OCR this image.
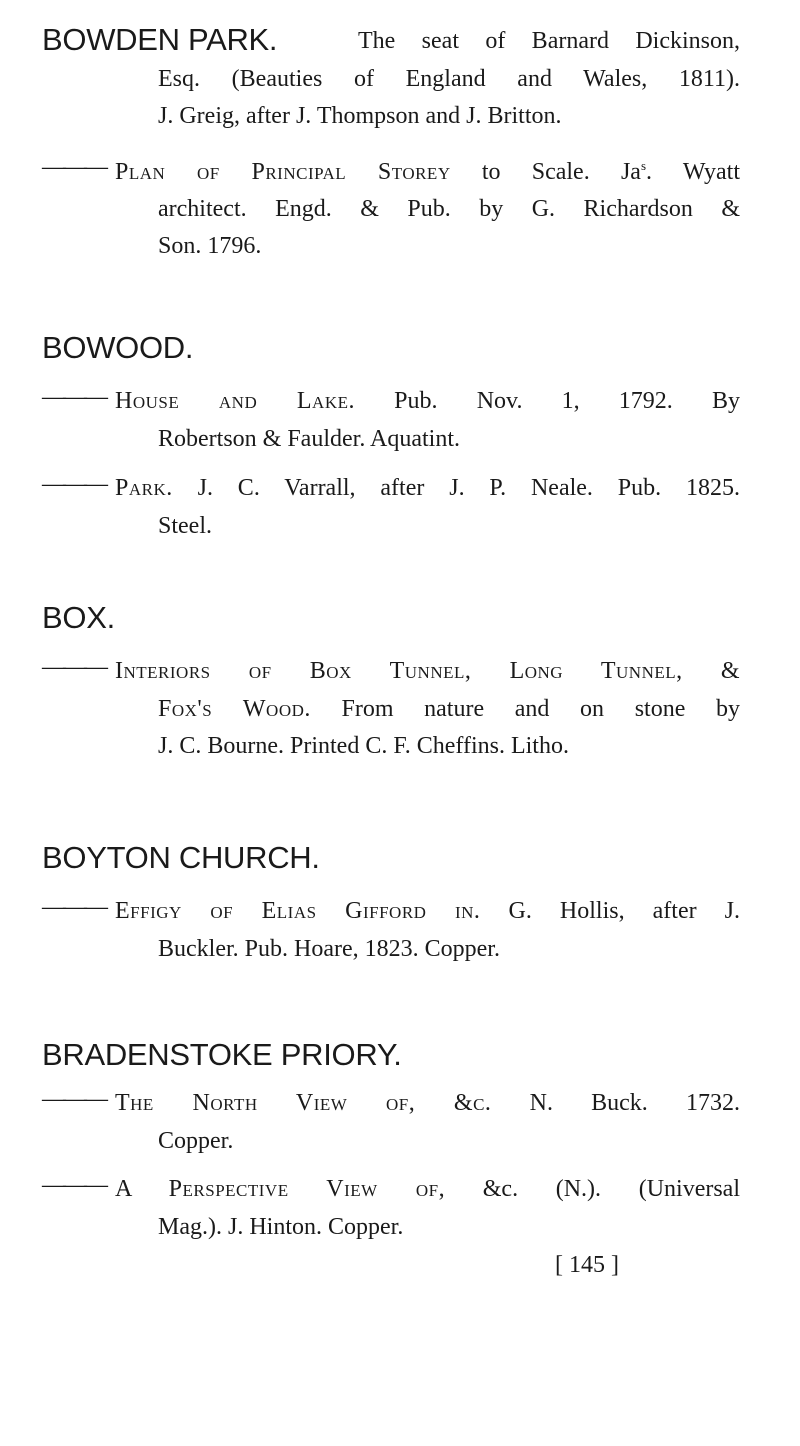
BOWDEN PARK.	The seat of Barnard Dickinson,
Esq. (Beauties of England and Wales, 1811).
J. Greig, after J. Thompson and J. Britton.
——— Plan of Principal Storey to Scale. Ja$^s$. Wyatt
architect. Engd. & Pub. by G. Richardson &
Son. 1796.
BOWOOD.
——— House and Lake. Pub. Nov. 1, 1792. By
Robertson & Faulder. Aquatint.
——— Park. J. C. Varrall, after J. P. Neale. Pub. 1825.
Steel.
BOX.
——— Interiors of Box Tunnel, Long Tunnel, &
Fox's Wood. From nature and on stone by
J. C. Bourne. Printed C. F. Cheffins. Litho.
BOYTON CHURCH.
——— Effigy of Elias Gifford in. G. Hollis, after J.
Buckler. Pub. Hoare, 1823. Copper.
BRADENSTOKE PRIORY.
——— The North View of, &c. N. Buck. 1732.
Copper.
——— A Perspective View of, &c. (N.). (Universal
Mag.). J. Hinton. Copper.
[ 145 ]
